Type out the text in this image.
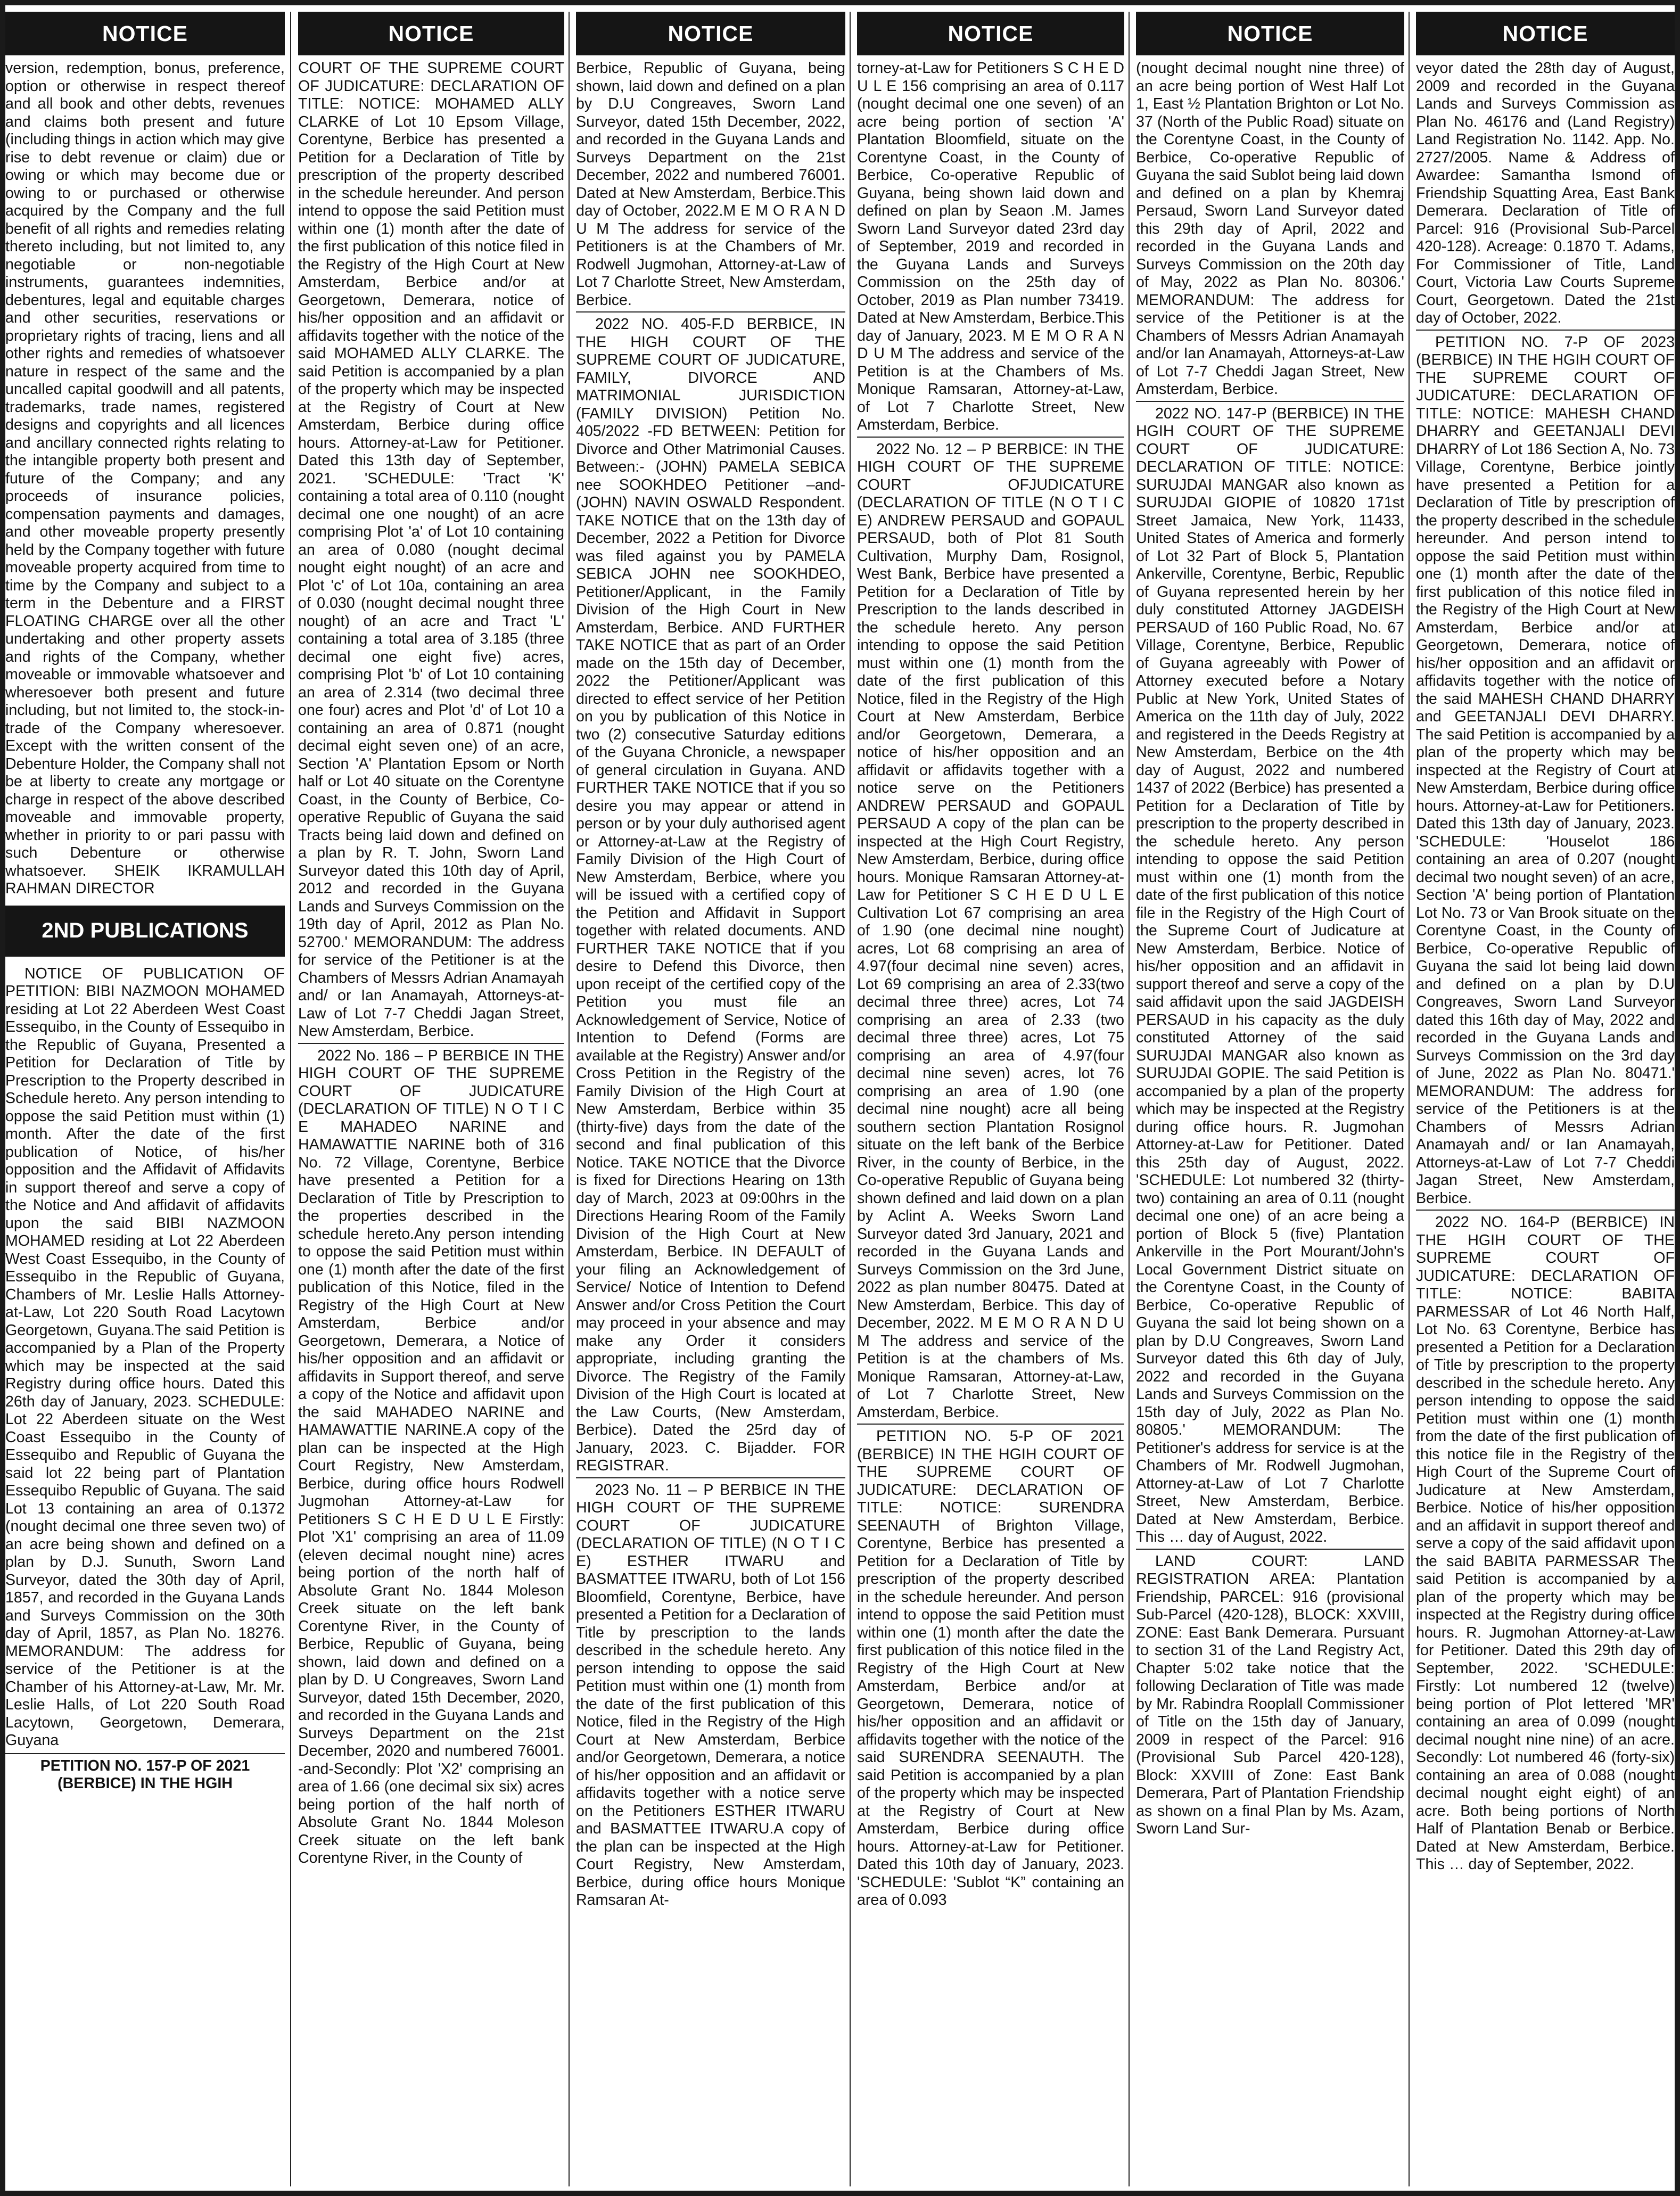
NOTICE

version, redemption, bonus, preference, option or otherwise in respect thereof and all book and other debts, revenues and claims both present and future (including things in action which may give rise to debt revenue or claim) due or owing or which may become due or owing to or purchased or otherwise acquired by the Company and the full benefit of all rights and remedies relating thereto including, but not limited to, any negotiable or non-negotiable instruments, guarantees indemnities, debentures, legal and equitable charges and other securities, reservations or proprietary rights of tracing, liens and all other rights and remedies of whatsoever nature in respect of the same and the uncalled capital goodwill and all patents, trademarks, trade names, registered designs and copyrights and all licences and ancillary connected rights relating to the intangible property both present and future of the Company; and any proceeds of insurance policies, compensation payments and damages, and other moveable property presently held by the Company together with future moveable property acquired from time to time by the Company and subject to a term in the Debenture and a FIRST FLOATING CHARGE over all the other undertaking and other property assets and rights of the Company, whether moveable or immovable whatsoever and wheresoever both present and future including, but not limited to, the stock-in-trade of the Company wheresoever. Except with the written consent of the Debenture Holder, the Company shall not be at liberty to create any mortgage or charge in respect of the above described moveable and immovable property, whether in priority to or pari passu with such Debenture or otherwise whatsoever. SHEIK IKRAMULLAH RAHMAN DIRECTOR

2ND PUBLICATIONS

NOTICE OF PUBLICATION OF PETITION: BIBI NAZMOON MOHAMED residing at Lot 22 Aberdeen West Coast Essequibo, in the County of Essequibo in the Republic of Guyana, Presented a Petition for Declaration of Title by Prescription to the Property described in Schedule hereto. Any person intending to oppose the said Petition must within (1) month. After the date of the first publication of Notice, of his/her opposition and the Affidavit of Affidavits in support thereof and serve a copy of the Notice and And affidavit of affidavits upon the said BIBI NAZMOON MOHAMED residing at Lot 22 Aberdeen West Coast Essequibo, in the County of Essequibo in the Republic of Guyana, Chambers of Mr. Leslie Halls Attorney- at-Law, Lot 220 South Road Lacytown Georgetown, Guyana.The said Petition is accompanied by a Plan of the Property which may be inspected at the said Registry during office hours. Dated this 26th day of January, 2023. SCHEDULE: Lot 22 Aberdeen situate on the West Coast Essequibo in the County of Essequibo and Republic of Guyana the said lot 22 being part of Plantation Essequibo Republic of Guyana. The said Lot 13 containing an area of 0.1372 (nought decimal one three seven two) of an acre being shown and defined on a plan by D.J. Sunuth, Sworn Land Surveyor, dated the 30th day of April, 1857, and recorded in the Guyana Lands and Surveys Commission on the 30th day of April, 1857, as Plan No. 18276. MEMORANDUM: The address for service of the Petitioner is at the Chamber of his Attorney-at-Law, Mr. Mr. Leslie Halls, of Lot 220 South Road Lacytown, Georgetown, Demerara, Guyana

PETITION NO. 157-P OF 2021 (BERBICE) IN THE HGIH

NOTICE

COURT OF THE SUPREME COURT OF JUDICATURE: DECLARATION OF TITLE: NOTICE: MOHAMED ALLY CLARKE of Lot 10 Epsom Village, Corentyne, Berbice has presented a Petition for a Declaration of Title by prescription of the property described in the schedule hereunder. And person intend to oppose the said Petition must within one (1) month after the date of the first publication of this notice filed in the Registry of the High Court at New Amsterdam, Berbice and/or at Georgetown, Demerara, notice of his/her opposition and an affidavit or affidavits together with the notice of the said MOHAMED ALLY CLARKE. The said Petition is accompanied by a plan of the property which may be inspected at the Registry of Court at New Amsterdam, Berbice during office hours. Attorney-at-Law for Petitioner. Dated this 13th day of September, 2021. 'SCHEDULE: 'Tract 'K' containing a total area of 0.110 (nought decimal one one nought) of an acre comprising Plot 'a' of Lot 10 containing an area of 0.080 (nought decimal nought eight nought) of an acre and Plot 'c' of Lot 10a, containing an area of 0.030 (nought decimal nought three nought) of an acre and Tract 'L' containing a total area of 3.185 (three decimal one eight five) acres, comprising Plot 'b' of Lot 10 containing an area of 2.314 (two decimal three one four) acres and Plot 'd' of Lot 10 a containing an area of 0.871 (nought decimal eight seven one) of an acre, Section 'A' Plantation Epsom or North half or Lot 40 situate on the Corentyne Coast, in the County of Berbice, Co-operative Republic of Guyana the said Tracts being laid down and defined on a plan by R. T. John, Sworn Land Surveyor dated this 10th day of April, 2012 and recorded in the Guyana Lands and Surveys Commission on the 19th day of April, 2012 as Plan No. 52700.' MEMORANDUM: The address for service of the Petitioner is at the Chambers of Messrs Adrian Anamayah and/ or Ian Anamayah, Attorneys-at-Law of Lot 7-7 Cheddi Jagan Street, New Amsterdam, Berbice.

2022 No. 186 – P BERBICE IN THE HIGH COURT OF THE SUPREME COURT OF JUDICATURE (DECLARATION OF TITLE) N O T I C E MAHADEO NARINE and HAMAWATTIE NARINE both of 316 No. 72 Village, Corentyne, Berbice have presented a Petition for a Declaration of Title by Prescription to the properties described in the schedule hereto.Any person intending to oppose the said Petition must within one (1) month after the date of the first publication of this Notice, filed in the Registry of the High Court at New Amsterdam, Berbice and/or Georgetown, Demerara, a Notice of his/her opposition and an affidavit or affidavits in Support thereof, and serve a copy of the Notice and affidavit upon the said MAHADEO NARINE and HAMAWATTIE NARINE.A copy of the plan can be inspected at the High Court Registry, New Amsterdam, Berbice, during office hours Rodwell Jugmohan Attorney-at-Law for Petitioners S C H E D U L E Firstly: Plot 'X1' comprising an area of 11.09 (eleven decimal nought nine) acres being portion of the north half of Absolute Grant No. 1844 Moleson Creek situate on the left bank Corentyne River, in the County of Berbice, Republic of Guyana, being shown, laid down and defined on a plan by D. U Congreaves, Sworn Land Surveyor, dated 15th December, 2020, and recorded in the Guyana Lands and Surveys Department on the 21st December, 2020 and numbered 76001. -and-Secondly: Plot 'X2' comprising an area of 1.66 (one decimal six six) acres being portion of the half north of Absolute Grant No. 1844 Moleson Creek situate on the left bank Corentyne River, in the County of

NOTICE

Berbice, Republic of Guyana, being shown, laid down and defined on a plan by D.U Congreaves, Sworn Land Surveyor, dated 15th December, 2022, and recorded in the Guyana Lands and Surveys Department on the 21st December, 2022 and numbered 76001. Dated at New Amsterdam, Berbice.This day of October, 2022.M E M O R A N D U M The address for service of the Petitioners is at the Chambers of Mr. Rodwell Jugmohan, Attorney-at-Law of Lot 7 Charlotte Street, New Amsterdam, Berbice.

2022 NO. 405-F.D BERBICE, IN THE HIGH COURT OF THE SUPREME COURT OF JUDICATURE, FAMILY, DIVORCE AND MATRIMONIAL JURISDICTION (FAMILY DIVISION) Petition No. 405/2022 -FD BETWEEN: Petition for Divorce and Other Matrimonial Causes. Between:- (JOHN) PAMELA SEBICA nee SOOKHDEO Petitioner –and- (JOHN) NAVIN OSWALD Respondent. TAKE NOTICE that on the 13th day of December, 2022 a Petition for Divorce was filed against you by PAMELA SEBICA JOHN nee SOOKHDEO, Petitioner/Applicant, in the Family Division of the High Court in New Amsterdam, Berbice. AND FURTHER TAKE NOTICE that as part of an Order made on the 15th day of December, 2022 the Petitioner/Applicant was directed to effect service of her Petition on you by publication of this Notice in two (2) consecutive Saturday editions of the Guyana Chronicle, a newspaper of general circulation in Guyana. AND FURTHER TAKE NOTICE that if you so desire you may appear or attend in person or by your duly authorised agent or Attorney-at-Law at the Registry of Family Division of the High Court of New Amsterdam, Berbice, where you will be issued with a certified copy of the Petition and Affidavit in Support together with related documents. AND FURTHER TAKE NOTICE that if you desire to Defend this Divorce, then upon receipt of the certified copy of the Petition you must file an Acknowledgement of Service, Notice of Intention to Defend (Forms are available at the Registry) Answer and/or Cross Petition in the Registry of the Family Division of the High Court at New Amsterdam, Berbice within 35 (thirty-five) days from the date of the second and final publication of this Notice. TAKE NOTICE that the Divorce is fixed for Directions Hearing on 13th day of March, 2023 at 09:00hrs in the Directions Hearing Room of the Family Division of the High Court at New Amsterdam, Berbice. IN DEFAULT of your filing an Acknowledgement of Service/ Notice of Intention to Defend Answer and/or Cross Petition the Court may proceed in your absence and may make any Order it considers appropriate, including granting the Divorce. The Registry of the Family Division of the High Court is located at the Law Courts, (New Amsterdam, Berbice). Dated the 25rd day of January, 2023. C. Bijadder. FOR REGISTRAR.

2023 No. 11 – P BERBICE IN THE HIGH COURT OF THE SUPREME COURT OF JUDICATURE (DECLARATION OF TITLE) (N O T I C E) ESTHER ITWARU and BASMATTEE ITWARU, both of Lot 156 Bloomfield, Corentyne, Berbice, have presented a Petition for a Declaration of Title by prescription to the lands described in the schedule hereto. Any person intending to oppose the said Petition must within one (1) month from the date of the first publication of this Notice, filed in the Registry of the High Court at New Amsterdam, Berbice and/or Georgetown, Demerara, a notice of his/her opposition and an affidavit or affidavits together with a notice serve on the Petitioners ESTHER ITWARU and BASMATTEE ITWARU.A copy of the plan can be inspected at the High Court Registry, New Amsterdam, Berbice, during office hours Monique Ramsaran At-

NOTICE

torney-at-Law for Petitioners S C H E D U L E 156 comprising an area of 0.117 (nought decimal one one seven) of an acre being portion of section 'A' Plantation Bloomfield, situate on the Corentyne Coast, in the County of Berbice, Co-operative Republic of Guyana, being shown laid down and defined on plan by Seaon .M. James Sworn Land Surveyor dated 23rd day of September, 2019 and recorded in the Guyana Lands and Surveys Commission on the 25th day of October, 2019 as Plan number 73419. Dated at New Amsterdam, Berbice.This day of January, 2023. M E M O R A N D U M The address and service of the Petition is at the Chambers of Ms. Monique Ramsaran, Attorney-at-Law, of Lot 7 Charlotte Street, New Amsterdam, Berbice.

2022 No. 12 – P BERBICE: IN THE HIGH COURT OF THE SUPREME COURT OFJUDICATURE (DECLARATION OF TITLE (N O T I C E) ANDREW PERSAUD and GOPAUL PERSAUD, both of Plot 81 South Cultivation, Murphy Dam, Rosignol, West Bank, Berbice have presented a Petition for a Declaration of Title by Prescription to the lands described in the schedule hereto. Any person intending to oppose the said Petition must within one (1) month from the date of the first publication of this Notice, filed in the Registry of the High Court at New Amsterdam, Berbice and/or Georgetown, Demerara, a notice of his/her opposition and an affidavit or affidavits together with a notice serve on the Petitioners ANDREW PERSAUD and GOPAUL PERSAUD A copy of the plan can be inspected at the High Court Registry, New Amsterdam, Berbice, during office hours. Monique Ramsaran Attorney-at-Law for Petitioner S C H E D U L E Cultivation Lot 67 comprising an area of 1.90 (one decimal nine nought) acres, Lot 68 comprising an area of 4.97(four decimal nine seven) acres, Lot 69 comprising an area of 2.33(two decimal three three) acres, Lot 74 comprising an area of 2.33 (two decimal three three) acres, Lot 75 comprising an area of 4.97(four decimal nine seven) acres, lot 76 comprising an area of 1.90 (one decimal nine nought) acre all being southern section Plantation Rosignol situate on the left bank of the Berbice River, in the county of Berbice, in the Co-operative Republic of Guyana being shown defined and laid down on a plan by Aclint A. Weeks Sworn Land Surveyor dated 3rd January, 2021 and recorded in the Guyana Lands and Surveys Commission on the 3rd June, 2022 as plan number 80475. Dated at New Amsterdam, Berbice. This day of December, 2022. M E M O R A N D U M The address and service of the Petition is at the chambers of Ms. Monique Ramsaran, Attorney-at-Law, of Lot 7 Charlotte Street, New Amsterdam, Berbice.

PETITION NO. 5-P OF 2021 (BERBICE) IN THE HGIH COURT OF THE SUPREME COURT OF JUDICATURE: DECLARATION OF TITLE: NOTICE: SURENDRA SEENAUTH of Brighton Village, Corentyne, Berbice has presented a Petition for a Declaration of Title by prescription of the property described in the schedule hereunder. And person intend to oppose the said Petition must within one (1) month after the date the first publication of this notice filed in the Registry of the High Court at New Amsterdam, Berbice and/or at Georgetown, Demerara, notice of his/her opposition and an affidavit or affidavits together with the notice of the said SURENDRA SEENAUTH. The said Petition is accompanied by a plan of the property which may be inspected at the Registry of Court at New Amsterdam, Berbice during office hours. Attorney-at-Law for Petitioner. Dated this 10th day of January, 2023. 'SCHEDULE: 'Sublot “K” containing an area of 0.093

NOTICE

(nought decimal nought nine three) of an acre being portion of West Half Lot 1, East ½ Plantation Brighton or Lot No. 37 (North of the Public Road) situate on the Corentyne Coast, in the County of Berbice, Co-operative Republic of Guyana the said Sublot being laid down and defined on a plan by Khemraj Persaud, Sworn Land Surveyor dated this 29th day of April, 2022 and recorded in the Guyana Lands and Surveys Commission on the 20th day of May, 2022 as Plan No. 80306.' MEMORANDUM: The address for service of the Petitioner is at the Chambers of Messrs Adrian Anamayah and/or Ian Anamayah, Attorneys-at-Law of Lot 7-7 Cheddi Jagan Street, New Amsterdam, Berbice.

2022 NO. 147-P (BERBICE) IN THE HGIH COURT OF THE SUPREME COURT OF JUDICATURE: DECLARATION OF TITLE: NOTICE: SURUJDAI MANGAR also known as SURUJDAI GIOPIE of 10820 171st Street Jamaica, New York, 11433, United States of America and formerly of Lot 32 Part of Block 5, Plantation Ankerville, Corentyne, Berbic, Republic of Guyana represented herein by her duly constituted Attorney JAGDEISH PERSAUD of 160 Public Road, No. 67 Village, Corentyne, Berbice, Republic of Guyana agreeably with Power of Attorney executed before a Notary Public at New York, United States of America on the 11th day of July, 2022 and registered in the Deeds Registry at New Amsterdam, Berbice on the 4th day of August, 2022 and numbered 1437 of 2022 (Berbice) has presented a Petition for a Declaration of Title by prescription to the property described in the schedule hereto. Any person intending to oppose the said Petition must within one (1) month from the date of the first publication of this notice file in the Registry of the High Court of the Supreme Court of Judicature at New Amsterdam, Berbice. Notice of his/her opposition and an affidavit in support thereof and serve a copy of the said affidavit upon the said JAGDEISH PERSAUD in his capacity as the duly constituted Attorney of the said SURUJDAI MANGAR also known as SURUJDAI GOPIE. The said Petition is accompanied by a plan of the property which may be inspected at the Registry during office hours. R. Jugmohan Attorney-at-Law for Petitioner. Dated this 25th day of August, 2022. 'SCHEDULE: Lot numbered 32 (thirty-two) containing an area of 0.11 (nought decimal one one) of an acre being a portion of Block 5 (five) Plantation Ankerville in the Port Mourant/John's Local Government District situate on the Corentyne Coast, in the County of Berbice, Co-operative Republic of Guyana the said lot being shown on a plan by D.U Congreaves, Sworn Land Surveyor dated this 6th day of July, 2022 and recorded in the Guyana Lands and Surveys Commission on the 15th day of July, 2022 as Plan No. 80805.' MEMORANDUM: The Petitioner's address for service is at the Chambers of Mr. Rodwell Jugmohan, Attorney-at-Law of Lot 7 Charlotte Street, New Amsterdam, Berbice. Dated at New Amsterdam, Berbice. This … day of August, 2022.

LAND COURT: LAND REGISTRATION AREA: Plantation Friendship, PARCEL: 916 (provisional Sub-Parcel (420-128), BLOCK: XXVIII, ZONE: East Bank Demerara. Pursuant to section 31 of the Land Registry Act, Chapter 5:02 take notice that the following Declaration of Title was made by Mr. Rabindra Rooplall Commissioner of Title on the 15th day of January, 2009 in respect of the Parcel: 916 (Provisional Sub Parcel 420-128), Block: XXVIII of Zone: East Bank Demerara, Part of Plantation Friendship as shown on a final Plan by Ms. Azam, Sworn Land Sur-

NOTICE

veyor dated the 28th day of August, 2009 and recorded in the Guyana Lands and Surveys Commission as Plan No. 46176 and (Land Registry) Land Registration No. 1142. App. No. 2727/2005. Name & Address of Awardee: Samantha Ismond of Friendship Squatting Area, East Bank Demerara. Declaration of Title of Parcel: 916 (Provisional Sub-Parcel 420-128). Acreage: 0.1870 T. Adams, For Commissioner of Title, Land Court, Victoria Law Courts Supreme Court, Georgetown. Dated the 21st day of October, 2022.

PETITION NO. 7-P OF 2023 (BERBICE) IN THE HGIH COURT OF THE SUPREME COURT OF JUDICATURE: DECLARATION OF TITLE: NOTICE: MAHESH CHAND DHARRY and GEETANJALI DEVI DHARRY of Lot 186 Section A, No. 73 Village, Corentyne, Berbice jointly have presented a Petition for a Declaration of Title by prescription of the property described in the schedule hereunder. And person intend to oppose the said Petition must within one (1) month after the date of the first publication of this notice filed in the Registry of the High Court at New Amsterdam, Berbice and/or at Georgetown, Demerara, notice of his/her opposition and an affidavit or affidavits together with the notice of the said MAHESH CHAND DHARRY and GEETANJALI DEVI DHARRY. The said Petition is accompanied by a plan of the property which may be inspected at the Registry of Court at New Amsterdam, Berbice during office hours. Attorney-at-Law for Petitioners. Dated this 13th day of January, 2023. 'SCHEDULE: 'Houselot 186 containing an area of 0.207 (nought decimal two nought seven) of an acre, Section 'A' being portion of Plantation Lot No. 73 or Van Brook situate on the Corentyne Coast, in the County of Berbice, Co-operative Republic of Guyana the said lot being laid down and defined on a plan by D.U Congreaves, Sworn Land Surveyor dated this 16th day of May, 2022 and recorded in the Guyana Lands and Surveys Commission on the 3rd day of June, 2022 as Plan No. 80471.' MEMORANDUM: The address for service of the Petitioners is at the Chambers of Messrs Adrian Anamayah and/ or Ian Anamayah, Attorneys-at-Law of Lot 7-7 Cheddi Jagan Street, New Amsterdam, Berbice.

2022 NO. 164-P (BERBICE) IN THE HGIH COURT OF THE SUPREME COURT OF JUDICATURE: DECLARATION OF TITLE: NOTICE: BABITA PARMESSAR of Lot 46 North Half, Lot No. 63 Corentyne, Berbice has presented a Petition for a Declaration of Title by prescription to the property described in the schedule hereto. Any person intending to oppose the said Petition must within one (1) month from the date of the first publication of this notice file in the Registry of the High Court of the Supreme Court of Judicature at New Amsterdam, Berbice. Notice of his/her opposition and an affidavit in support thereof and serve a copy of the said affidavit upon the said BABITA PARMESSAR The said Petition is accompanied by a plan of the property which may be inspected at the Registry during office hours. R. Jugmohan Attorney-at-Law for Petitioner. Dated this 29th day of September, 2022. 'SCHEDULE: Firstly: Lot numbered 12 (twelve) being portion of Plot lettered 'MR' containing an area of 0.099 (nought decimal nought nine nine) of an acre. Secondly: Lot numbered 46 (forty-six) containing an area of 0.088 (nought decimal nought eight eight) of an acre. Both being portions of North Half of Plantation Benab or Berbice. Dated at New Amsterdam, Berbice. This … day of September, 2022.
